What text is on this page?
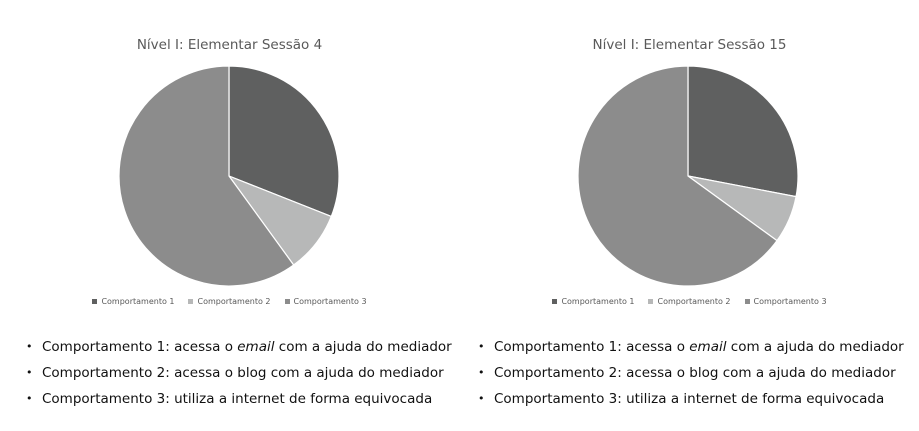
Nível I: Elementar Sessão 4
Comportamento 1	Comportamento 2	Comportamento 3
Nível I: Elementar Sessão 15
Comportamento 1	Comportamento 2	Comportamento 3
• Comportamento 1: acessa o email com a ajuda do mediador
• Comportamento 2: acessa o blog com a ajuda do mediador
• Comportamento 3: utiliza a internet de forma equivocada
• Comportamento 1: acessa o email com a ajuda do mediador
• Comportamento 2: acessa o blog com a ajuda do mediador
• Comportamento 3: utiliza a internet de forma equivocada
